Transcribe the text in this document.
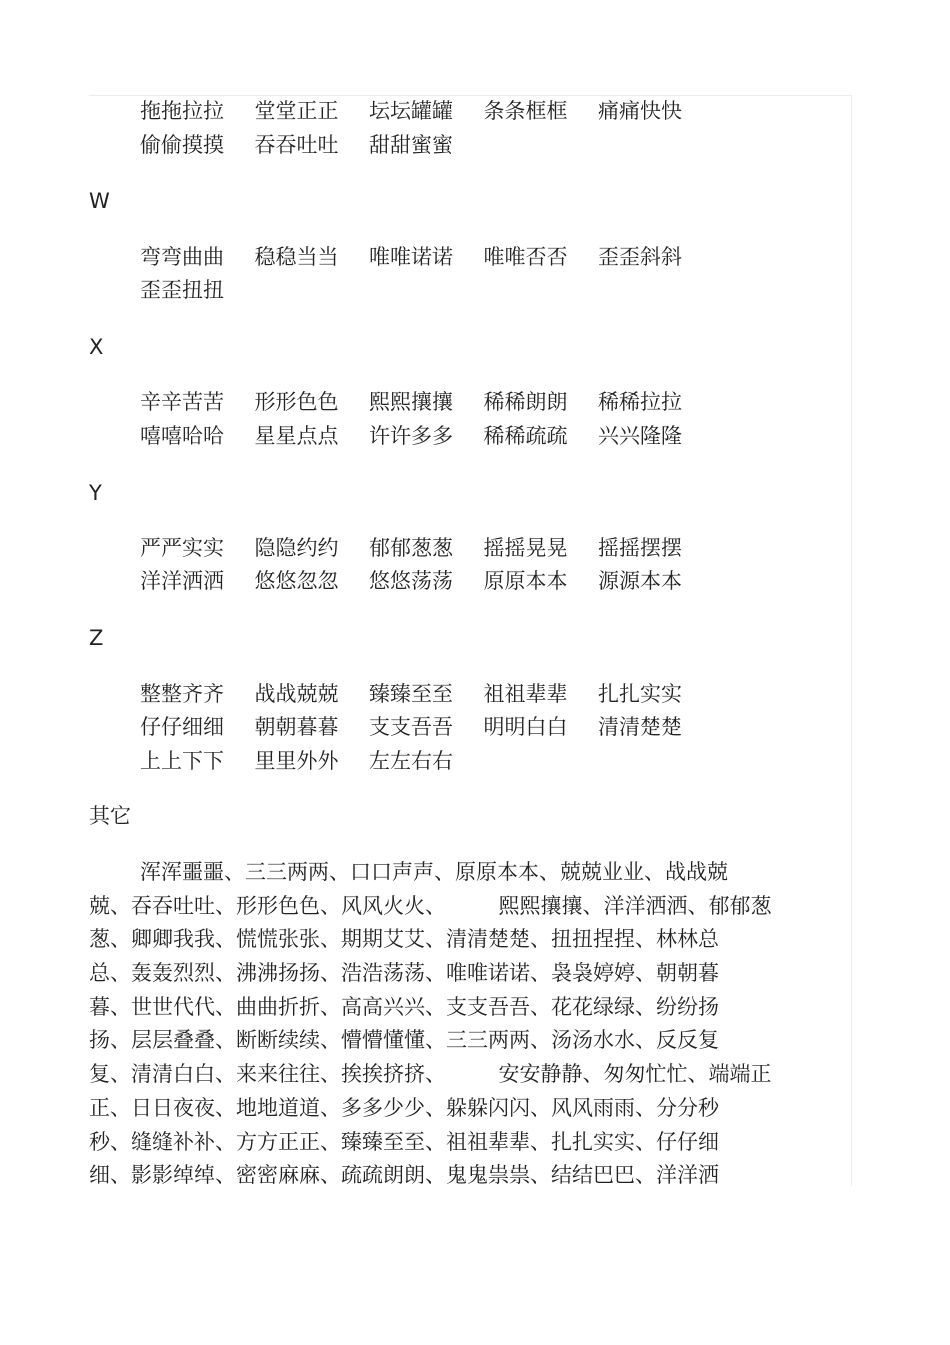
拖拖拉拉	堂堂正正	坛坛罐罐	条条框框	痛痛快快
偷偷摸摸	吞吞吐吐	甜甜蜜蜜
W
弯弯曲曲	稳稳当当	唯唯诺诺	唯唯否否	歪歪斜斜
歪歪扭扭
X
辛辛苦苦	形形色色	熙熙攘攘	稀稀朗朗	稀稀拉拉
嘻嘻哈哈	星星点点	许许多多	稀稀疏疏	兴兴隆隆
Y
严严实实	隐隐约约	郁郁葱葱	摇摇晃晃	摇摇摆摆
洋洋洒洒	悠悠忽忽	悠悠荡荡	原原本本	源源本本
Z
整整齐齐	战战兢兢	臻臻至至	祖祖辈辈	扎扎实实
仔仔细细	朝朝暮暮	支支吾吾	明明白白	清清楚楚
上上下下	里里外外	左左右右
其它
浑浑噩噩、三三两两、口口声声、原原本本、兢兢业业、战战兢
兢、吞吞吐吐、形形色色、风风火火、　　　熙熙攘攘、洋洋洒洒、郁郁葱
葱、卿卿我我、慌慌张张、期期艾艾、清清楚楚、扭扭捏捏、林林总
总、轰轰烈烈、沸沸扬扬、浩浩荡荡、唯唯诺诺、袅袅婷婷、朝朝暮
暮、世世代代、曲曲折折、高高兴兴、支支吾吾、花花绿绿、纷纷扬
扬、层层叠叠、断断续续、懵懵懂懂、三三两两、汤汤水水、反反复
复、清清白白、来来往往、挨挨挤挤、　　　安安静静、匆匆忙忙、端端正
正、日日夜夜、地地道道、多多少少、躲躲闪闪、风风雨雨、分分秒
秒、缝缝补补、方方正正、臻臻至至、祖祖辈辈、扎扎实实、仔仔细
细、影影绰绰、密密麻麻、疏疏朗朗、鬼鬼祟祟、结结巴巴、洋洋洒
